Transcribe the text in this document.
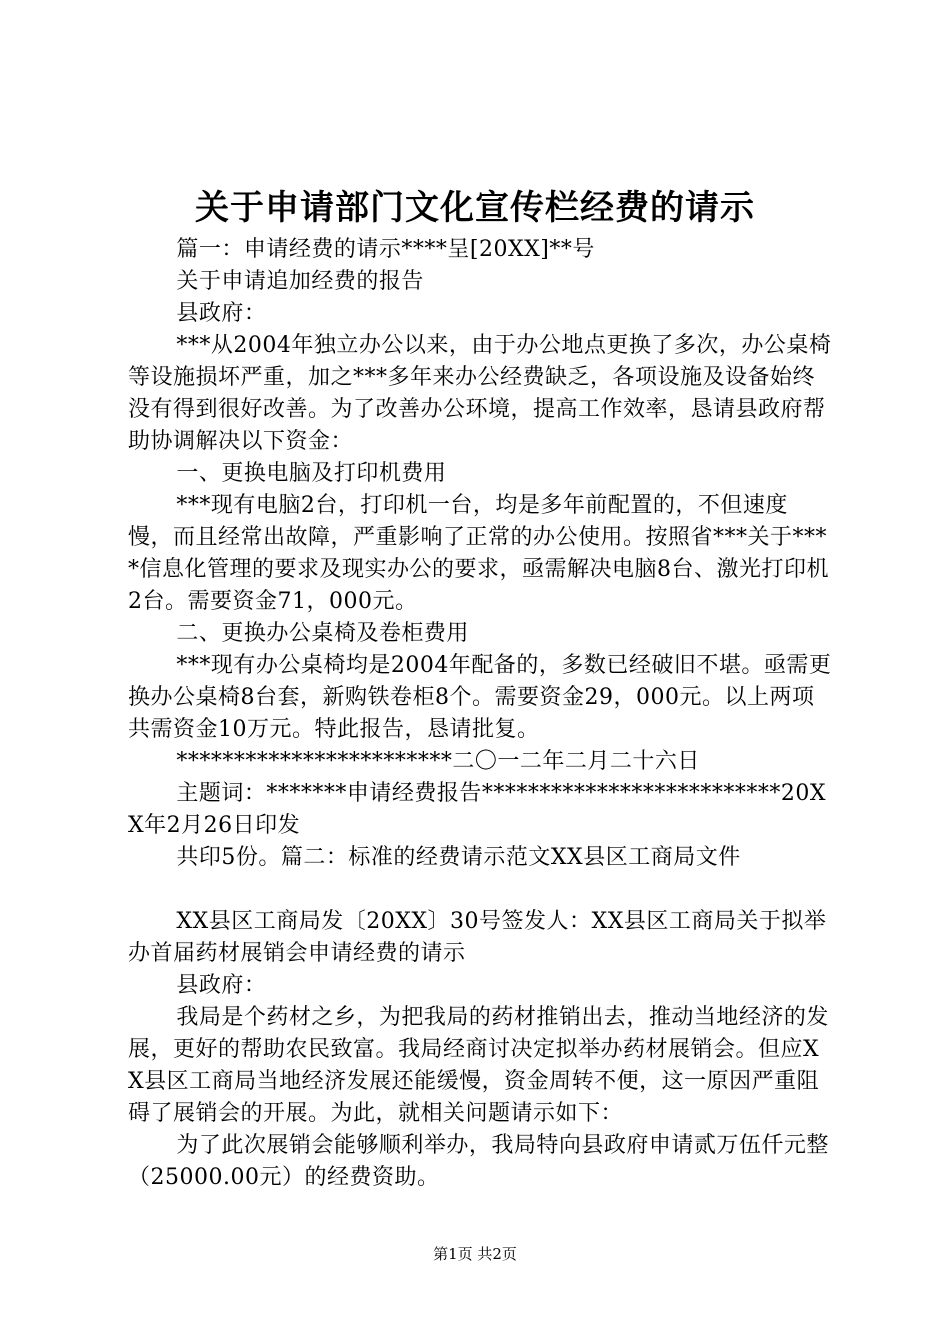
关于申请部门文化宣传栏经费的请示

篇一：申请经费的请示****呈[20XX]**号

关于申请追加经费的报告

县政府：

***从2004年独立办公以来，由于办公地点更换了多次，办公桌椅等设施损坏严重，加之***多年来办公经费缺乏，各项设施及设备始终没有得到很好改善。为了改善办公环境，提高工作效率，恳请县政府帮助协调解决以下资金：

一、更换电脑及打印机费用

***现有电脑2台，打印机一台，均是多年前配置的，不但速度慢，而且经常出故障，严重影响了正常的办公使用。按照省***关于****信息化管理的要求及现实办公的要求，亟需解决电脑8台、激光打印机2台。需要资金71，000元。

二、更换办公桌椅及卷柜费用

***现有办公桌椅均是2004年配备的，多数已经破旧不堪。亟需更换办公桌椅8台套，新购铁卷柜8个。需要资金29，000元。以上两项共需资金10万元。特此报告，恳请批复。

************************二〇一二年二月二十六日

主题词：*******申请经费报告**************************20XX年2月26日印发

共印5份。篇二：标准的经费请示范文XX县区工商局文件

XX县区工商局发〔20XX〕30号签发人：XX县区工商局关于拟举办首届药材展销会申请经费的请示

县政府：

我局是个药材之乡，为把我局的药材推销出去，推动当地经济的发展，更好的帮助农民致富。我局经商讨决定拟举办药材展销会。但应XX县区工商局当地经济发展还能缓慢，资金周转不便，这一原因严重阻碍了展销会的开展。为此，就相关问题请示如下：

为了此次展销会能够顺利举办，我局特向县政府申请贰万伍仟元整（25000.00元）的经费资助。

第1页 共2页
